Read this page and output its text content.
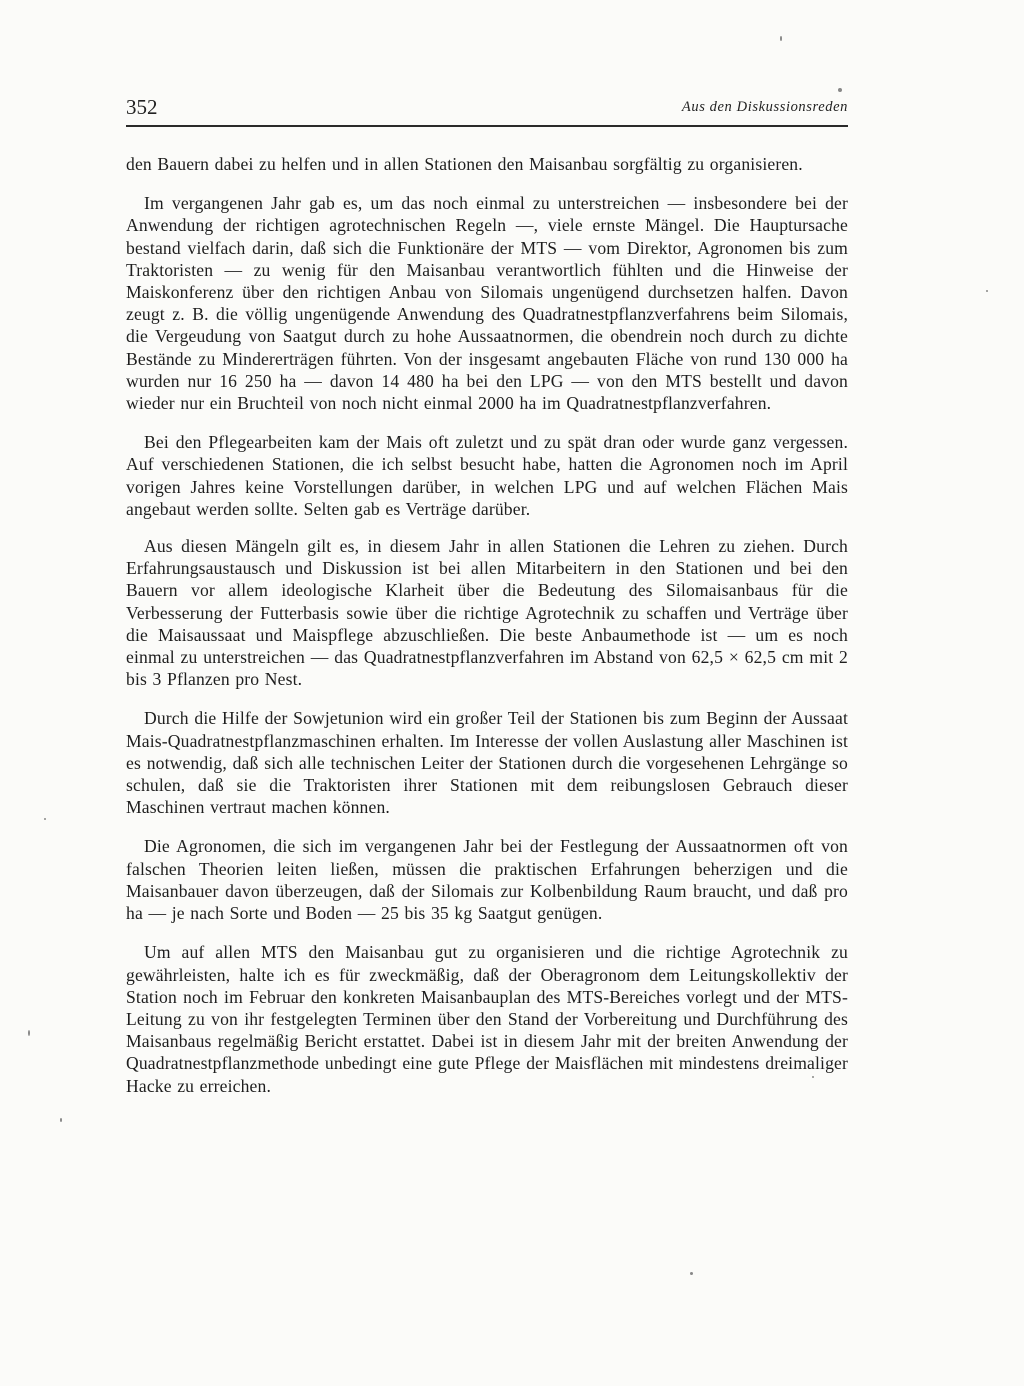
352	Aus den Diskussionsreden

den Bauern dabei zu helfen und in allen Stationen den Maisanbau sorgfältig zu organisieren.

Im vergangenen Jahr gab es, um das noch einmal zu unterstreichen — insbesondere bei der Anwendung der richtigen agrotechnischen Regeln —, viele ernste Mängel. Die Hauptursache bestand vielfach darin, daß sich die Funktionäre der MTS — vom Direktor, Agronomen bis zum Traktoristen — zu wenig für den Maisanbau verantwortlich fühlten und die Hinweise der Maiskonferenz über den richtigen Anbau von Silomais ungenügend durchsetzen halfen. Davon zeugt z. B. die völlig ungenügende Anwendung des Quadratnestpflanzverfahrens beim Silomais, die Vergeudung von Saatgut durch zu hohe Aussaatnormen, die obendrein noch durch zu dichte Bestände zu Mindererträgen führten. Von der insgesamt angebauten Fläche von rund 130 000 ha wurden nur 16 250 ha — davon 14 480 ha bei den LPG — von den MTS bestellt und davon wieder nur ein Bruchteil von noch nicht einmal 2000 ha im Quadratnestpflanzverfahren.

Bei den Pflegearbeiten kam der Mais oft zuletzt und zu spät dran oder wurde ganz vergessen. Auf verschiedenen Stationen, die ich selbst besucht habe, hatten die Agronomen noch im April vorigen Jahres keine Vorstellungen darüber, in welchen LPG und auf welchen Flächen Mais angebaut werden sollte. Selten gab es Verträge darüber.

Aus diesen Mängeln gilt es, in diesem Jahr in allen Stationen die Lehren zu ziehen. Durch Erfahrungsaustausch und Diskussion ist bei allen Mitarbeitern in den Stationen und bei den Bauern vor allem ideologische Klarheit über die Bedeutung des Silomaisanbaus für die Verbesserung der Futterbasis sowie über die richtige Agrotechnik zu schaffen und Verträge über die Maisaussaat und Maispflege abzuschließen. Die beste Anbaumethode ist — um es noch einmal zu unterstreichen — das Quadratnestpflanzverfahren im Abstand von 62,5 × 62,5 cm mit 2 bis 3 Pflanzen pro Nest.

Durch die Hilfe der Sowjetunion wird ein großer Teil der Stationen bis zum Beginn der Aussaat Mais-Quadratnestpflanzmaschinen erhalten. Im Interesse der vollen Auslastung aller Maschinen ist es notwendig, daß sich alle technischen Leiter der Stationen durch die vorgesehenen Lehrgänge so schulen, daß sie die Traktoristen ihrer Stationen mit dem reibungslosen Gebrauch dieser Maschinen vertraut machen können.

Die Agronomen, die sich im vergangenen Jahr bei der Festlegung der Aussaatnormen oft von falschen Theorien leiten ließen, müssen die praktischen Erfahrungen beherzigen und die Maisanbauer davon überzeugen, daß der Silomais zur Kolbenbildung Raum braucht, und daß pro ha — je nach Sorte und Boden — 25 bis 35 kg Saatgut genügen.

Um auf allen MTS den Maisanbau gut zu organisieren und die richtige Agrotechnik zu gewährleisten, halte ich es für zweckmäßig, daß der Oberagronom dem Leitungskollektiv der Station noch im Februar den konkreten Maisanbauplan des MTS-Bereiches vorlegt und der MTS-Leitung zu von ihr festgelegten Terminen über den Stand der Vorbereitung und Durchführung des Maisanbaus regelmäßig Bericht erstattet. Dabei ist in diesem Jahr mit der breiten Anwendung der Quadratnestpflanzmethode unbedingt eine gute Pflege der Maisflächen mit mindestens dreimaliger Hacke zu erreichen.
